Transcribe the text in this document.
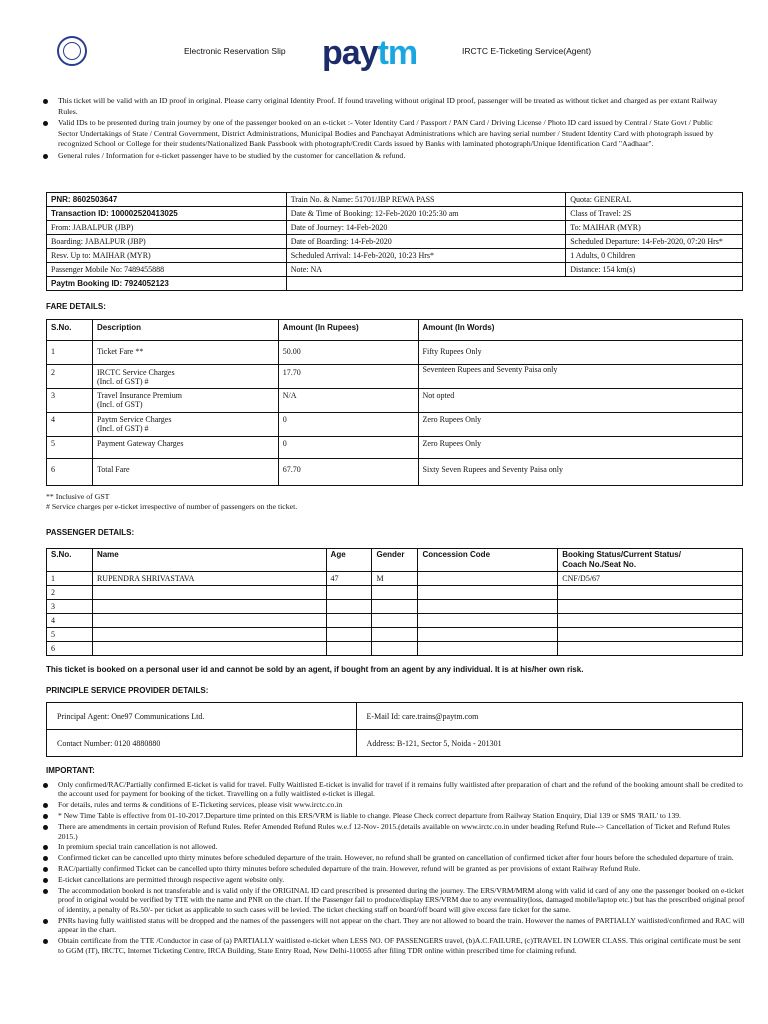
Electronic Reservation Slip paytm	IRCTC E-Ticketing Service(Agent)
This ticket will be valid with an ID proof in original. Please carry original Identity Proof. If found traveling without original ID proof, passenger will be treated as without ticket and charged as per extant Railway Rules.
Valid IDs to be presented during train journey by one of the passenger booked on an e-ticket :- Voter Identity Card / Passport / PAN Card / Driving License / Photo ID card issued by Central / State Govt / Public Sector Undertakings of State / Central Government, District Administrations, Municipal Bodies and Panchayat Administrations which are having serial number / Student Identity Card with photograph issued by recognized School or College for their students/Nationalized Bank Passbook with photograph/Credit Cards issued by Banks with laminated photograph/Unique Identification Card "Aadhaar".
General rules / Information for e-ticket passenger have to be studied by the customer for cancellation & refund.
PNR: 8602503647	Train No. & Name: 51701/JBP REWA PASS	Quota: GENERAL
Transaction ID: 100002520413025	Date & Time of Booking: 12-Feb-2020 10:25:30 am	Class of Travel: 2S
From: JABALPUR (JBP)	Date of Journey: 14-Feb-2020	To: MAIHAR (MYR)
Boarding: JABALPUR (JBP)	Date of Boarding: 14-Feb-2020	Scheduled Departure: 14-Feb-2020, 07:20 Hrs*
Resv. Up to: MAIHAR (MYR)	Scheduled Arrival: 14-Feb-2020, 10:23 Hrs*	1 Adults, 0 Children
Passenger Mobile No: 7489455888	Note: NA	Distance: 154 km(s)
Paytm Booking ID: 7924052123		
FARE DETAILS:
S.No.	Description	Amount (In Rupees)	Amount (In Words)
1	Ticket Fare **	50.00	Fifty Rupees Only
2	IRCTC Service Charges
(Incl. of GST) #	17.70	Seventeen Rupees and Seventy Paisa only
3	Travel Insurance Premium
(Incl. of GST)	N/A	Not opted
4	Paytm Service Charges
(Incl. of GST) #	0	Zero Rupees Only
5	Payment Gateway Charges	0	Zero Rupees Only
6	Total Fare	67.70	Sixty Seven Rupees and Seventy Paisa only
** Inclusive of GST
# Service charges per e-ticket irrespective of number of passengers on the ticket.
PASSENGER DETAILS:
S.No.	Name	Age	Gender	Concession Code	Booking Status/Current Status/
Coach No./Seat No.

1	RUPENDRA SHRIVASTAVA	47	M		CNF/D5/67
2					
3					
4					
5					
6					
This ticket is booked on a personal user id and cannot be sold by an agent, if bought from an agent by any individual. It is at his/her own risk.
PRINCIPLE SERVICE PROVIDER DETAILS:
Principal Agent: One97 Communications Ltd.	E-Mail Id: care.trains@paytm.com
Contact Number: 0120 4880880	Address: B-121, Sector 5, Noida - 201301
IMPORTANT:
Only confirmed/RAC/Partially confirmed E-ticket is valid for travel. Fully Waitlisted E-ticket is invalid for travel if it remains fully waitlisted after preparation of chart and the refund of the booking amount shall be credited to the account used for payment for booking of the ticket. Travelling on a fully waitlisted e-ticket is illegal.
For details, rules and terms & conditions of E-Ticketing services, please visit www.irctc.co.in
* New Time Table is effective from 01-10-2017.Departure time printed on this ERS/VRM is liable to change. Please Check correct departure from Railway Station Enquiry, Dial 139 or SMS 'RAIL' to 139.
There are amendments in certain provision of Refund Rules. Refer Amended Refund Rules w.e.f 12-Nov- 2015.(details available on www.irctc.co.in under heading Refund Rule--> Cancellation of Ticket and Refund Rules 2015.)
In premium special train cancellation is not allowed.
Confirmed ticket can be cancelled upto thirty minutes before scheduled departure of the train. However, no refund shall be granted on cancellation of confirmed ticket after four hours before the scheduled departure of train.
RAC/partially confirmed Ticket can be cancelled upto thirty minutes before scheduled departure of the train. However, refund will be granted as per provisions of extant Railway Refund Rule.
E-ticket cancellations are permitted through respective agent website only.
The accommodation booked is not transferable and is valid only if the ORIGINAL ID card prescribed is presented during the journey. The ERS/VRM/MRM along with valid id card of any one the passenger booked on e-ticket proof in original would be verified by TTE with the name and PNR on the chart. If the Passenger fail to produce/display ERS/VRM due to any eventuality(loss, damaged mobile/laptop etc.) but has the prescribed original proof of identity, a penalty of Rs.50/- per ticket as applicable to such cases will be levied. The ticket checking staff on board/off board will give excess fare ticket for the same.
PNRs having fully waitlisted status will be dropped and the names of the passengers will not appear on the chart. They are not allowed to board the train. However the names of PARTIALLY waitlisted/confirmed and RAC will appear in the chart.
Obtain certificate from the TTE /Conductor in case of (a) PARTIALLY waitlisted e-ticket when LESS NO. OF PASSENGERS travel, (b)A.C.FAILURE, (c)TRAVEL IN LOWER CLASS. This original certificate must be sent to GGM (IT), IRCTC, Internet Ticketing Centre, IRCA Building, State Entry Road, New Delhi-110055 after filing TDR online within prescribed time for claiming refund.
